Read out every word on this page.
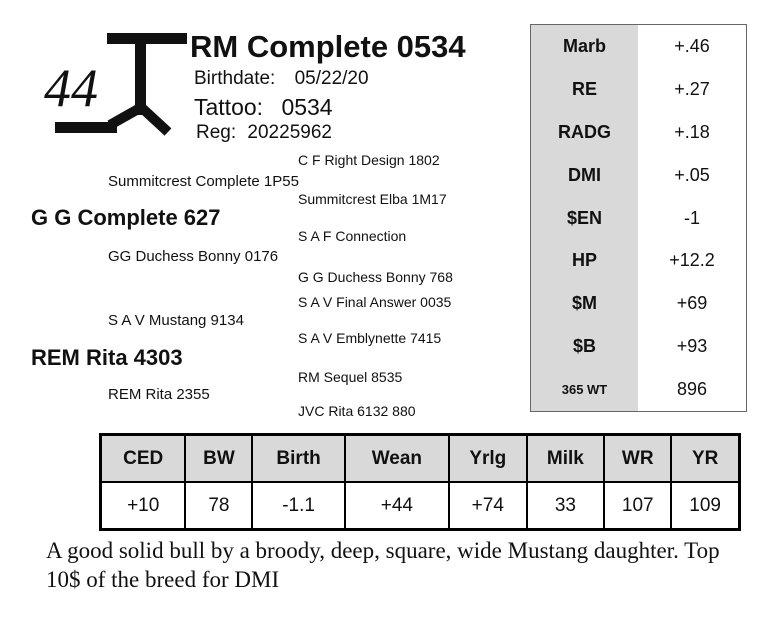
44
RM Complete 0534
Birthdate: 05/22/20
Tattoo: 0534
Reg: 20225962
C F Right Design 1802
Summitcrest Complete 1P55
Summitcrest Elba 1M17
G G Complete 627
S A F Connection
GG Duchess Bonny 0176
G G Duchess Bonny 768
S A V Final Answer 0035
S A V Mustang 9134
S A V Emblynette 7415
REM Rita 4303
RM Sequel 8535
REM Rita 2355
JVC Rita 6132 880
Marb	+.46
RE	+.27
RADG	+.18
DMI	+.05
$EN	-1
HP	+12.2
$M	+69
$B	+93
365 WT	896
CED	BW	Birth	Wean	Yrlg	Milk	WR	YR
+10	78	-1.1	+44	+74	33	107	109
A good solid bull by a broody, deep, square, wide Mustang daughter. Top 10$ of the breed for DMI
